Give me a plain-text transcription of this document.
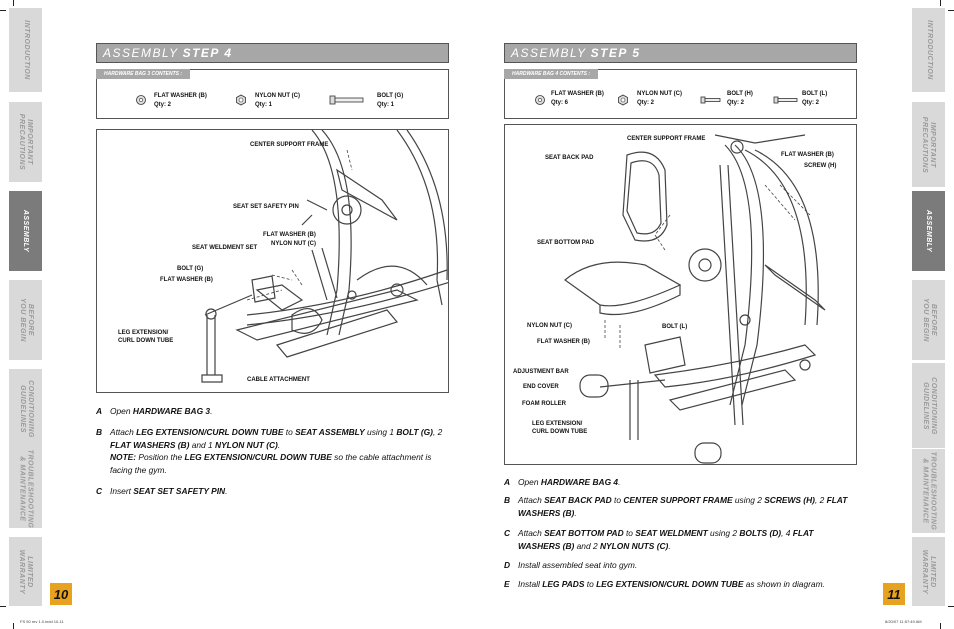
INTRODUCTION
IMPORTANT
PRECAUTIONS
ASSEMBLY
BEFORE
YOU BEGIN
CONDITIONING
GUIDELINES
TROUBLESHOOTING
& MAINTENANCE
LIMITED
WARRANTY
INTRODUCTION
IMPORTANT
PRECAUTIONS
ASSEMBLY
BEFORE
YOU BEGIN
CONDITIONING
GUIDELINES
TROUBLESHOOTING
& MAINTENANCE
LIMITED
WARRANTY
10	11
ASSEMBLY STEP 4
HARDWARE BAG 3 CONTENTS :
FLAT WASHER (B)
Qty: 2
NYLON NUT (C)
Qty: 1
BOLT (G)
Qty: 1
CENTER SUPPORT FRAME
SEAT SET SAFETY PIN
FLAT WASHER (B)
SEAT WELDMENT SET
NYLON NUT (C)
BOLT (G)
FLAT WASHER (B)
LEG EXTENSION/
CURL DOWN TUBE
CABLE ATTACHMENT
A Open HARDWARE BAG 3.
B Attach LEG EXTENSION/CURL DOWN TUBE to SEAT ASSEMBLY using 1 BOLT (G), 2 FLAT WASHERS (B) and 1 NYLON NUT (C).
NOTE: Position the LEG EXTENSION/CURL DOWN TUBE so the cable attachment is facing the gym.
C Insert SEAT SET SAFETY PIN.
FS 50 rev 1.0.indd 10-11
ASSEMBLY STEP 5
HARDWARE BAG 4 CONTENTS :
FLAT WASHER (B)
Qty: 6
NYLON NUT (C)
Qty: 2
BOLT (H)
Qty: 2
BOLT (L)
Qty: 2
CENTER SUPPORT FRAME
SEAT BACK PAD	FLAT WASHER (B)
SCREW (H)
SEAT BOTTOM PAD
NYLON NUT (C)	BOLT (L)
FLAT WASHER (B)
ADJUSTMENT BAR
END COVER
FOAM ROLLER
LEG EXTENSION/
CURL DOWN TUBE
A Open HARDWARE BAG 4.
B Attach SEAT BACK PAD to CENTER SUPPORT FRAME using 2 SCREWS (H), 2 FLAT WASHERS (B).
C Attach SEAT BOTTOM PAD to SEAT WELDMENT using 2 BOLTS (D), 4 FLAT WASHERS (B) and 2 NYLON NUTS (C).
D Install assembled seat into gym.
E Install LEG PADS to LEG EXTENSION/CURL DOWN TUBE as shown in diagram.
8/20/07 11:57:49 AM
